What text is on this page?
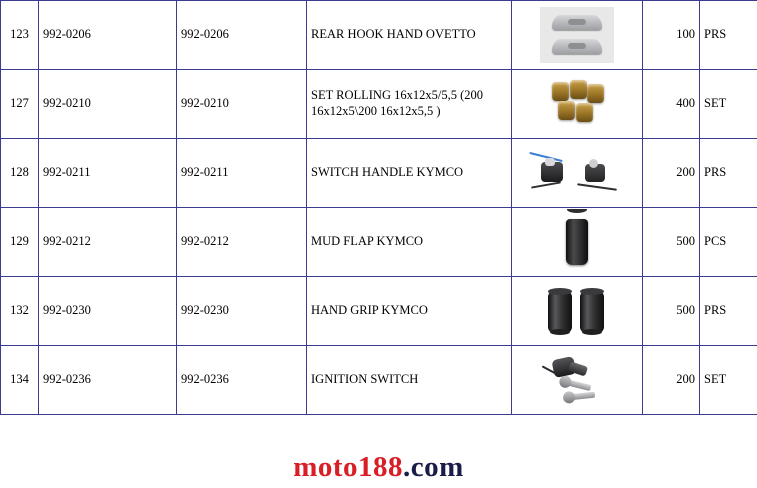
123	992-0206	992-0206	REAR HOOK HAND OVETTO		100	PRS
127	992-0210	992-0210	SET ROLLING 16x12x5/5,5 (200 16x12x5\200 16x12x5,5 )		400	SET
128	992-0211	992-0211	SWITCH HANDLE KYMCO		200	PRS
129	992-0212	992-0212	MUD FLAP KYMCO		500	PCS
132	992-0230	992-0230	HAND GRIP KYMCO		500	PRS
134	992-0236	992-0236	IGNITION SWITCH		200	SET
moto188.com
